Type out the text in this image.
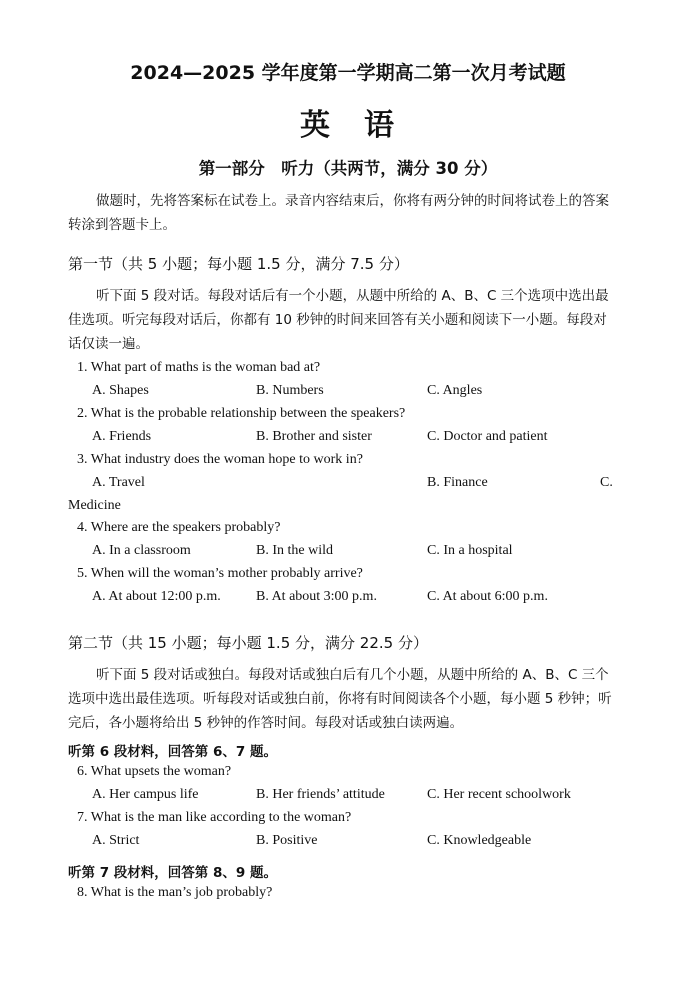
2024—2025 学年度第一学期高二第一次月考试题
英　语
第一部分　听力（共两节，满分 30 分）
做题时，先将答案标在试卷上。录音内容结束后，你将有两分钟的时间将试卷上的答案
转涂到答题卡上。
第一节（共 5 小题；每小题 1.5 分，满分 7.5 分）
听下面 5 段对话。每段对话后有一个小题，从题中所给的 A、B、C 三个选项中选出最
佳选项。听完每段对话后，你都有 10 秒钟的时间来回答有关小题和阅读下一小题。每段对
话仅读一遍。
1. What part of maths is the woman bad at?
A. Shapes	B. Numbers	C. Angles
2. What is the probable relationship between the speakers?
A. Friends	B. Brother and sister	C. Doctor and patient
3. What industry does the woman hope to work in?
A. Travel	B. Finance	C.
Medicine
4. Where are the speakers probably?
A. In a classroom	B. In the wild	C. In a hospital
5. When will the woman’s mother probably arrive?
A. At about 12:00 p.m.	B. At about 3:00 p.m.	C. At about 6:00 p.m.
第二节（共 15 小题；每小题 1.5 分，满分 22.5 分）
听下面 5 段对话或独白。每段对话或独白后有几个小题，从题中所给的 A、B、C 三个
选项中选出最佳选项。听每段对话或独白前，你将有时间阅读各个小题，每小题 5 秒钟；听
完后，各小题将给出 5 秒钟的作答时间。每段对话或独白读两遍。
听第 6 段材料，回答第 6、7 题。
6. What upsets the woman?
A. Her campus life	B. Her friends’ attitude	C. Her recent schoolwork
7. What is the man like according to the woman?
A. Strict	B. Positive	C. Knowledgeable
听第 7 段材料，回答第 8、9 题。
8. What is the man’s job probably?
